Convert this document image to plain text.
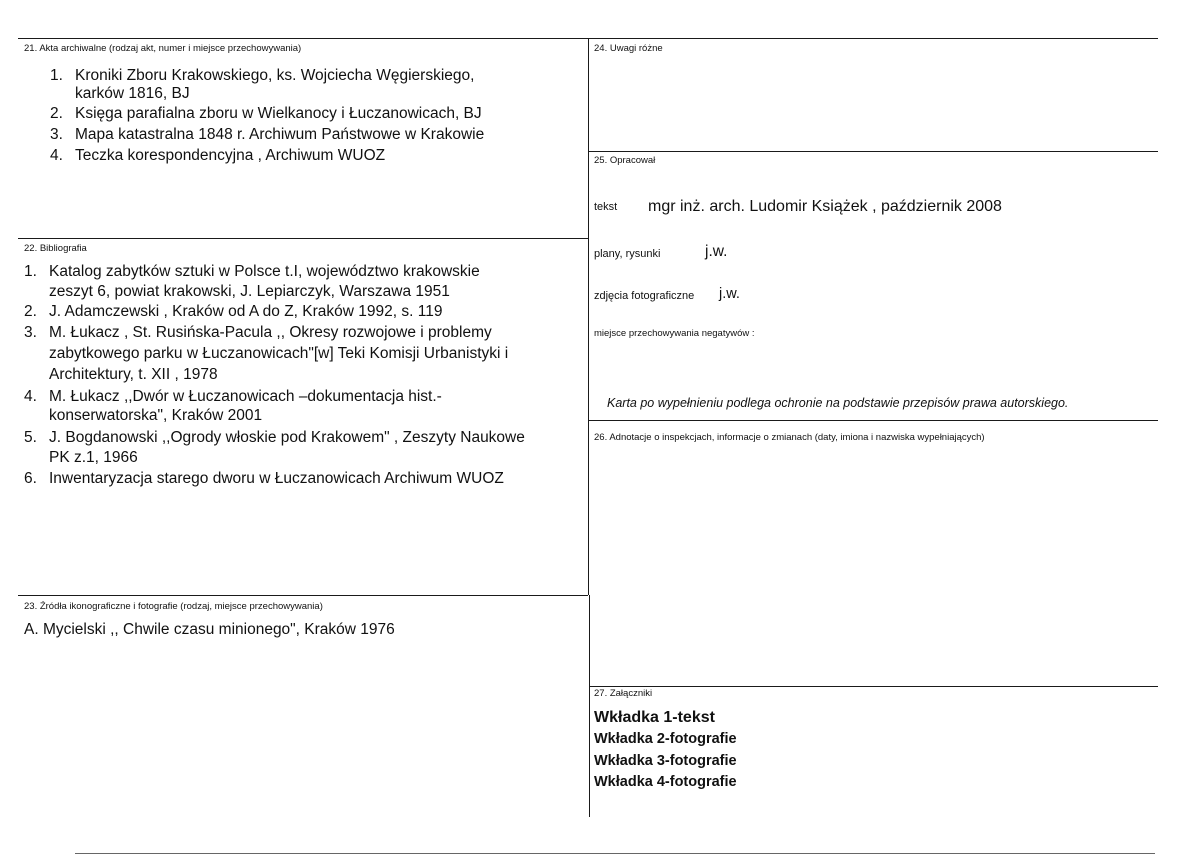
21. Akta archiwalne (rodzaj akt, numer i miejsce przechowywania)
1. Kroniki Zboru Krakowskiego, ks. Wojciecha Węgierskiego,
karków 1816, BJ
2. Księga parafialna zboru w Wielkanocy i Łuczanowicach, BJ
3. Mapa katastralna 1848 r. Archiwum Państwowe w Krakowie
4. Teczka korespondencyjna , Archiwum WUOZ
22. Bibliografia
1. Katalog zabytków sztuki w Polsce t.I, województwo krakowskie
zeszyt 6, powiat krakowski, J. Lepiarczyk, Warszawa 1951
2. J. Adamczewski , Kraków od A do Z, Kraków 1992, s. 119
3. M. Łukacz , St. Rusińska-Pacula ,, Okresy rozwojowe i problemy
zabytkowego parku w Łuczanowicach"[w] Teki Komisji Urbanistyki i
Architektury, t. XII , 1978
4. M. Łukacz ,,Dwór w Łuczanowicach –dokumentacja hist.-
konserwatorska", Kraków 2001
5. J. Bogdanowski ,,Ogrody włoskie pod Krakowem" , Zeszyty Naukowe
PK z.1, 1966
6. Inwentaryzacja starego dworu w Łuczanowicach Archiwum WUOZ
23. Źródła ikonograficzne i fotografie (rodzaj, miejsce przechowywania)
A. Mycielski ,, Chwile czasu minionego", Kraków 1976
24. Uwagi różne
25. Opracował
tekst mgr inż. arch. Ludomir Książek , październik 2008
plany, rysunki	j.w.
zdjęcia fotograficzne j.w.
miejsce przechowywania negatywów :
Karta po wypełnieniu podlega ochronie na podstawie przepisów prawa autorskiego.
26. Adnotacje o inspekcjach, informacje o zmianach (daty, imiona i nazwiska wypełniających)
27. Załączniki
Wkładka 1-tekst
Wkładka 2-fotografie
Wkładka 3-fotografie
Wkładka 4-fotografie
